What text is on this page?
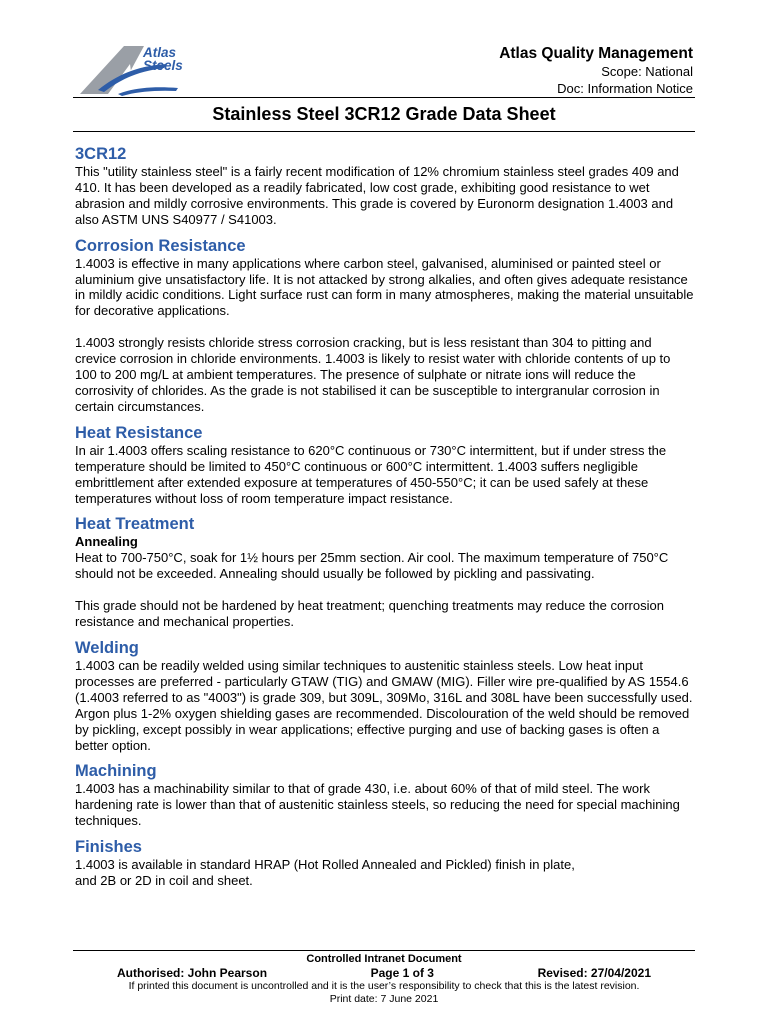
Atlas
Steels
Atlas Quality Management
Scope: National
Doc: Information Notice
Stainless Steel 3CR12 Grade Data Sheet
3CR12

This "utility stainless steel" is a fairly recent modification of 12% chromium stainless steel grades 409 and 410. It has been developed as a readily fabricated, low cost grade, exhibiting good resistance to wet abrasion and mildly corrosive environments. This grade is covered by Euronorm designation 1.4003 and also ASTM UNS S40977 / S41003.

Corrosion Resistance

1.4003 is effective in many applications where carbon steel, galvanised, aluminised or painted steel or aluminium give unsatisfactory life. It is not attacked by strong alkalies, and often gives adequate resistance in mildly acidic conditions. Light surface rust can form in many atmospheres, making the material unsuitable for decorative applications.

1.4003 strongly resists chloride stress corrosion cracking, but is less resistant than 304 to pitting and crevice corrosion in chloride environments. 1.4003 is likely to resist water with chloride contents of up to 100 to 200 mg/L at ambient temperatures. The presence of sulphate or nitrate ions will reduce the corrosivity of chlorides. As the grade is not stabilised it can be susceptible to intergranular corrosion in certain circumstances.

Heat Resistance

In air 1.4003 offers scaling resistance to 620°C continuous or 730°C intermittent, but if under stress the temperature should be limited to 450°C continuous or 600°C intermittent. 1.4003 suffers negligible embrittlement after extended exposure at temperatures of 450-550°C; it can be used safely at these temperatures without loss of room temperature impact resistance.

Heat Treatment

Annealing

Heat to 700-750°C, soak for 1½ hours per 25mm section. Air cool. The maximum temperature of 750°C should not be exceeded. Annealing should usually be followed by pickling and passivating.

This grade should not be hardened by heat treatment; quenching treatments may reduce the corrosion resistance and mechanical properties.

Welding

1.4003 can be readily welded using similar techniques to austenitic stainless steels. Low heat input processes are preferred - particularly GTAW (TIG) and GMAW (MIG). Filler wire pre-qualified by AS 1554.6 (1.4003 referred to as "4003") is grade 309, but 309L, 309Mo, 316L and 308L have been successfully used. Argon plus 1-2% oxygen shielding gases are recommended. Discolouration of the weld should be removed by pickling, except possibly in wear applications; effective purging and use of backing gases is often a better option.

Machining

1.4003 has a machinability similar to that of grade 430, i.e. about 60% of that of mild steel. The work hardening rate is lower than that of austenitic stainless steels, so reducing the need for special machining techniques.

Finishes

1.4003 is available in standard HRAP (Hot Rolled Annealed and Pickled) finish in plate,

and 2B or 2D in coil and sheet.

Controlled Intranet Document
Authorised: John Pearson	Page 1 of 3	Revised: 27/04/2021
If printed this document is uncontrolled and it is the user’s responsibility to check that this is the latest revision.
Print date: 7 June 2021
